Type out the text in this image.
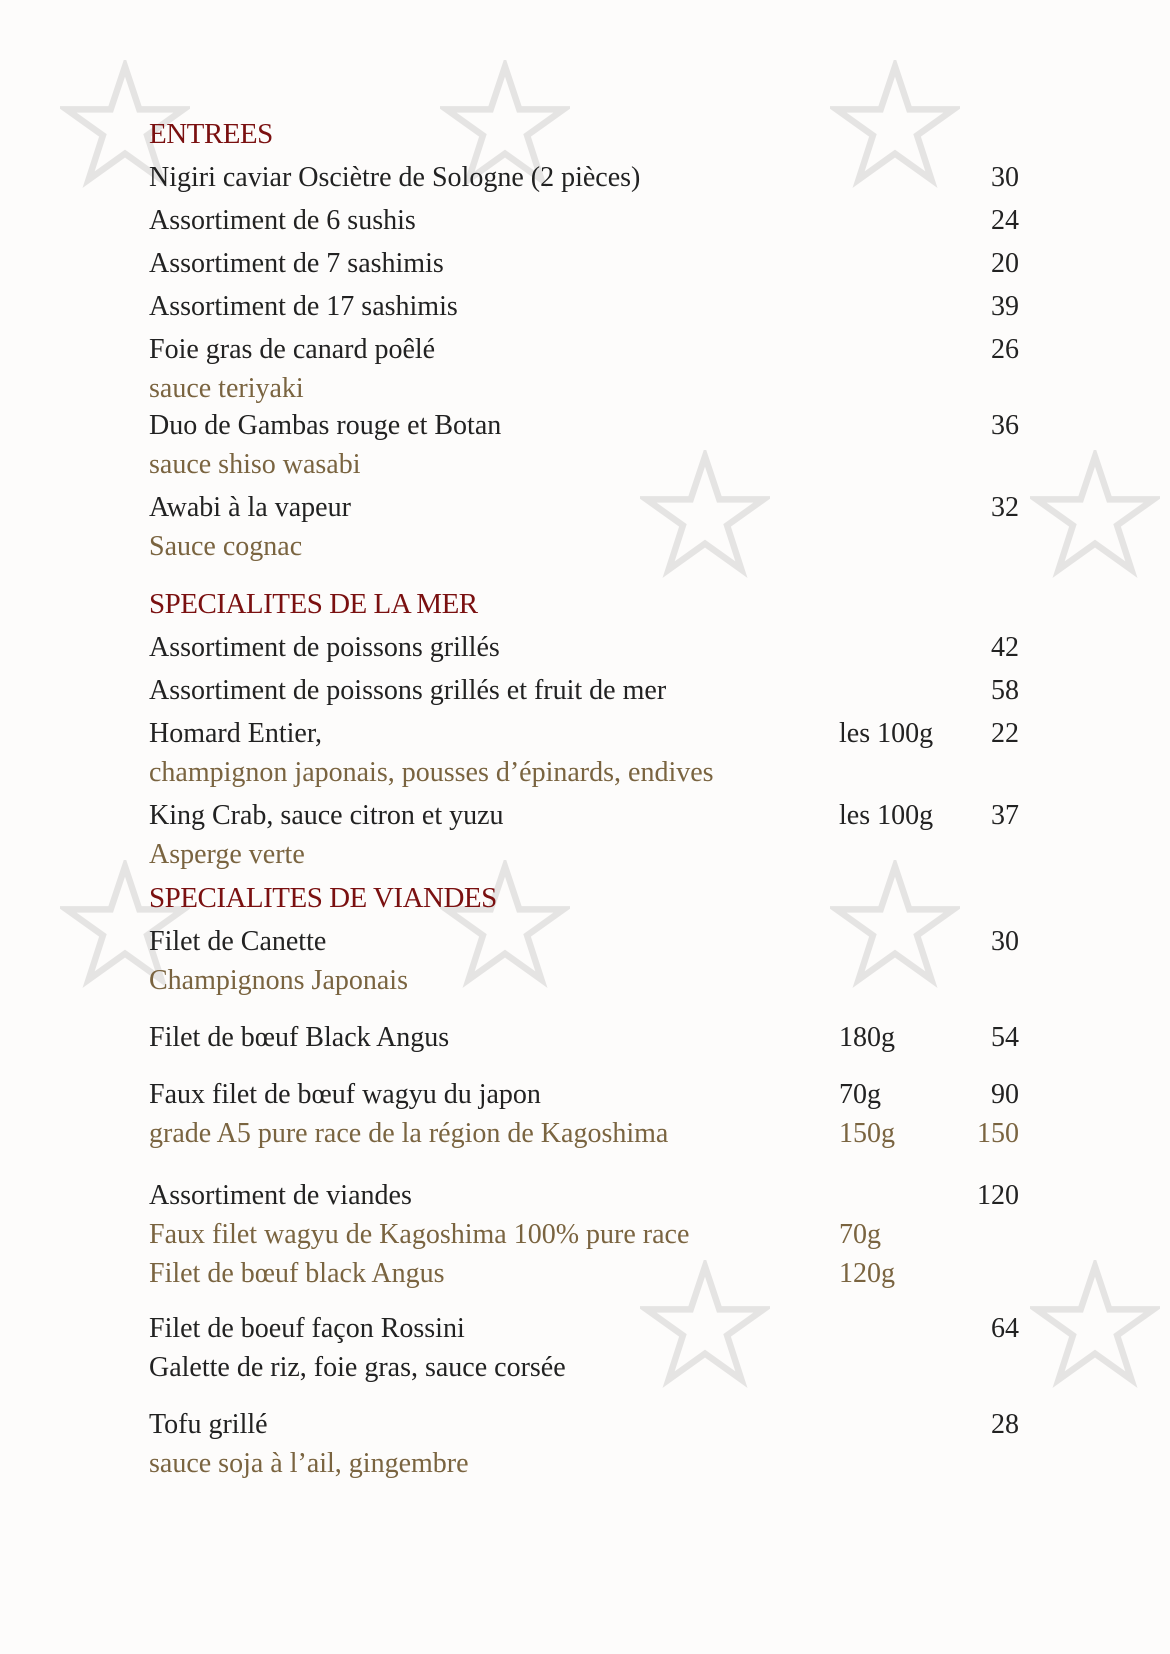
ENTREES
Nigiri caviar Osciètre de Sologne (2 pièces)	30
Assortiment de 6 sushis	24
Assortiment de 7 sashimis	20
Assortiment de 17 sashimis	39
Foie gras de canard poêlé	26
sauce teriyaki
Duo de Gambas rouge et Botan	36
sauce shiso wasabi
Awabi à la vapeur	32
Sauce cognac
SPECIALITES DE LA MER
Assortiment de poissons grillés	42
Assortiment de poissons grillés et fruit de mer	58
Homard Entier,	les 100g 22
champignon japonais, pousses d’épinards, endives
King Crab, sauce citron et yuzu	les 100g 37
Asperge verte
SPECIALITES DE VIANDES
Filet de Canette	30
Champignons Japonais
Filet de bœuf Black Angus	180g	54
Faux filet de bœuf wagyu du japon	70g	90
grade A5 pure race de la région de Kagoshima	150g	150
Assortiment de viandes	120
Faux filet wagyu de Kagoshima 100% pure race	70g
Filet de bœuf black Angus	120g
Filet de boeuf façon Rossini	64
Galette de riz, foie gras, sauce corsée
Tofu grillé	28
sauce soja à l’ail, gingembre
